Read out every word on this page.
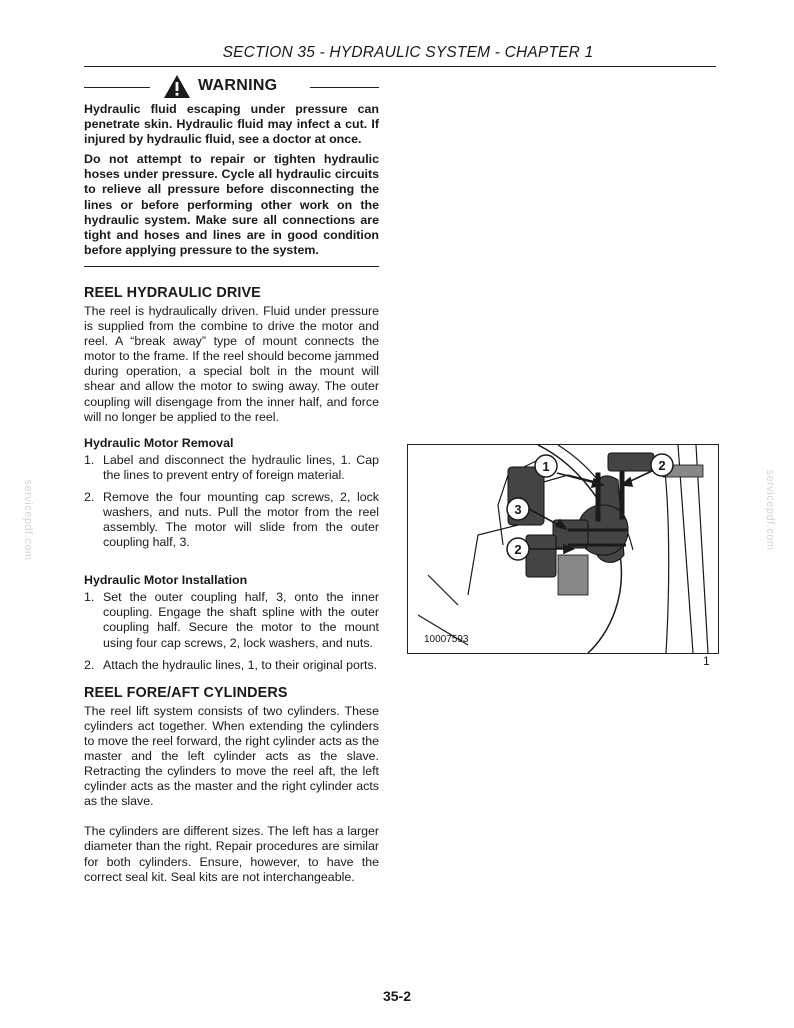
SECTION 35 - HYDRAULIC SYSTEM - CHAPTER 1
WARNING

Hydraulic fluid escaping under pressure can penetrate skin. Hydraulic fluid may infect a cut. If injured by hydraulic fluid, see a doctor at once.

Do not attempt to repair or tighten hydraulic hoses under pressure. Cycle all hydraulic circuits to relieve all pressure before disconnecting the lines or before performing other work on the hydraulic system. Make sure all connections are tight and hoses and lines are in good condition before applying pressure to the system.

REEL HYDRAULIC DRIVE

The reel is hydraulically driven. Fluid under pressure is supplied from the combine to drive the motor and reel. A “break away” type of mount connects the motor to the frame. If the reel should become jammed during operation, a special bolt in the mount will shear and allow the motor to swing away. The outer coupling will disengage from the inner half, and force will no longer be applied to the reel.

Hydraulic Motor Removal
1. Label and disconnect the hydraulic lines, 1. Cap the lines to prevent entry of foreign material.
2. Remove the four mounting cap screws, 2, lock washers, and nuts. Pull the motor from the reel assembly. The motor will slide from the outer coupling half, 3.
Hydraulic Motor Installation
1. Set the outer coupling half, 3, onto the inner coupling. Engage the shaft spline with the outer coupling half. Secure the motor to the mount using four cap screws, 2, lock washers, and nuts.
2. Attach the hydraulic lines, 1, to their original ports.
REEL FORE/AFT CYLINDERS

The reel lift system consists of two cylinders. These cylinders act together. When extending the cylinders to move the reel forward, the right cylinder acts as the master and the left cylinder acts as the slave. Retracting the cylinders to move the reel aft, the left cylinder acts as the master and the right cylinder acts as the slave.

The cylinders are different sizes. The left has a larger diameter than the right. Repair procedures are similar for both cylinders. Ensure, however, to have the correct seal kit. Seal kits are not interchangeable.

1	2
3
2
10007593
1
servicepdf.com	servicepdf.com
35-2
